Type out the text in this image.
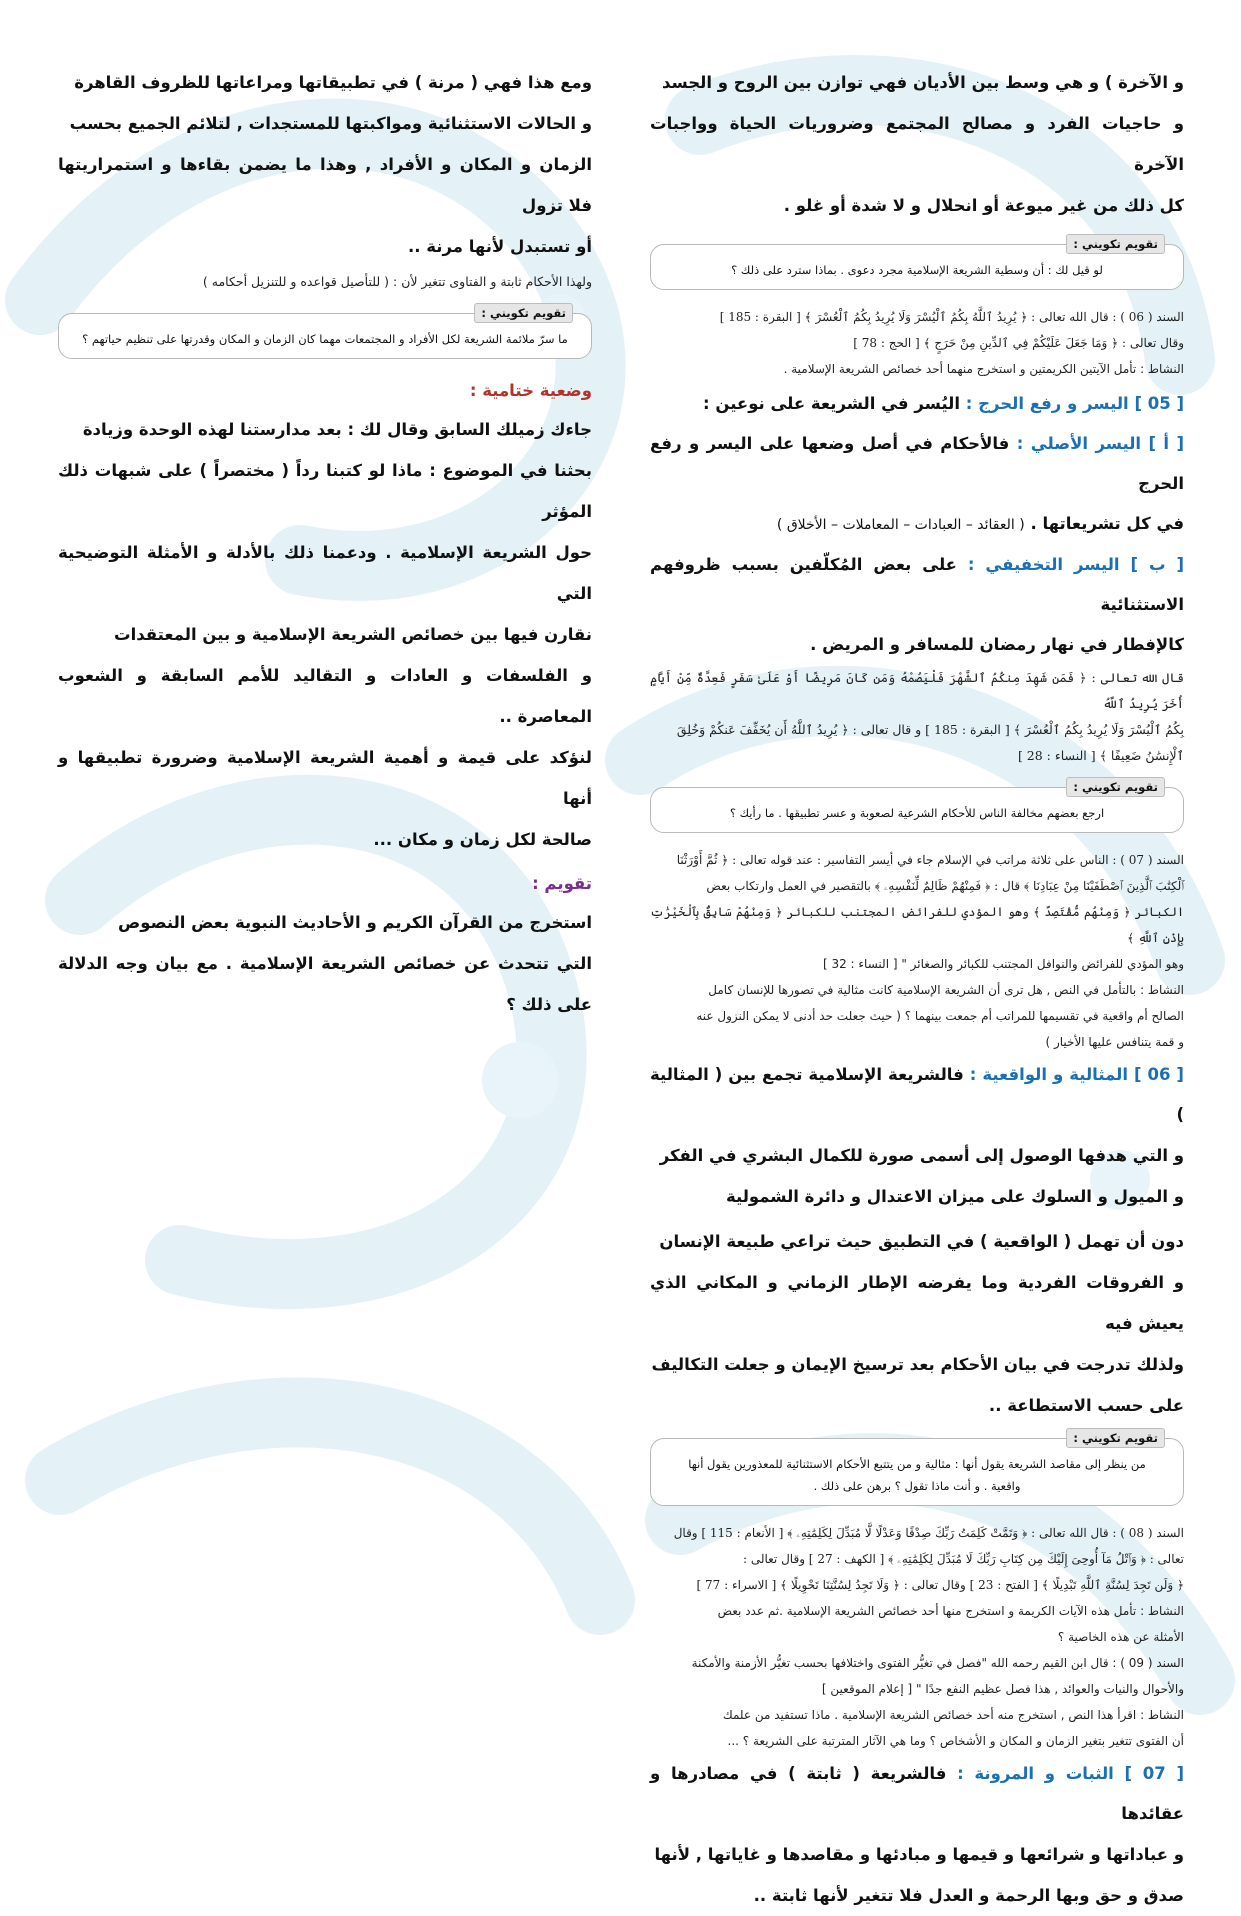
و الآخرة ) و هي وسط بين الأديان فهي توازن بين الروح و الجسد

و حاجيات الفرد و مصالح المجتمع وضروريات الحياة وواجبات الآخرة

كل ذلك من غير ميوعة أو انحلال و لا شدة أو غلو .

تقويم تكويني :

لو قيل لك : أن وسطية الشريعة الإسلامية مجرد دعوى . بماذا سترد على ذلك ؟

السند ( 06 ) : قال الله تعالى : ﴿ يُرِيدُ ٱللَّهُ بِكُمُ ٱلْيُسْرَ وَلَا يُرِيدُ بِكُمُ ٱلْعُسْرَ ﴾ [ البقرة : 185 ]

وقال تعالى : ﴿ وَمَا جَعَلَ عَلَيْكُمْ فِي ٱلدِّينِ مِنْ حَرَجٍ ﴾ [ الحج : 78 ]

النشاط : تأمل الآيتين الكريمتين و استخرج منهما أحد خصائص الشريعة الإسلامية .

[ 05 ] اليسر و رفع الحرج : اليُسر في الشريعة على نوعين :

[ أ ] اليسر الأصلي : فالأحكام في أصل وضعها على اليسر و رفع الحرج

في كل تشريعاتها . ( العقائد – العبادات – المعاملات – الأخلاق )

[ ب ] اليسر التخفيفي : على بعض المُكلّفين بسبب ظروفهم الاستثنائية

كالإفطار في نهار رمضان للمسافر و المريض .

قال الله تعالى : ﴿ فَمَن شَهِدَ مِنكُمُ ٱلشَّهْرَ فَلْيَصُمْهُ وَمَن كَانَ مَرِيضًا أَوْ عَلَىٰ سَفَرٍ فَعِدَّةٌ مِّنْ أَيَّامٍ أُخَرَ يُرِيدُ ٱللَّهُ

بِكُمُ ٱلْيُسْرَ وَلَا يُرِيدُ بِكُمُ ٱلْعُسْرَ ﴾ [ البقرة : 185 ] و قال تعالى : ﴿ يُرِيدُ ٱللَّهُ أَن يُخَفِّفَ عَنكُمْ وَخُلِقَ

ٱلْإِنسَٰنُ ضَعِيفًا ﴾ [ النساء : 28 ]

تقويم تكويني :

ارجع بعضهم مخالفة الناس للأحكام الشرعية لصعوبة و عسر تطبيقها . ما رأيك ؟

السند ( 07 ) : الناس على ثلاثة مراتب في الإسلام جاء في أيسر التفاسير : عند قوله تعالى : ﴿ ثُمَّ أَوْرَثْنَا

ٱلْكِتَٰبَ ٱلَّذِينَ ٱصْطَفَيْنَا مِنْ عِبَادِنَا ﴾ قال : ﴿ فَمِنْهُمْ ظَالِمٌ لِّنَفْسِهِۦ ﴾ بالتقصير في العمل وارتكاب بعض

الكبائر ﴿ وَمِنْهُم مُّقْتَصِدٌ ﴾ وهو المؤدي للفرائض المجتنب للكبائر ﴿ وَمِنْهُمْ سَابِقٌۢ بِٱلْخَيْرَٰتِ بِإِذْنِ ٱللَّهِ ﴾

وهو المؤدي للفرائض والنوافل المجتنب للكبائر والصغائر " [ النساء : 32 ]

النشاط : بالتأمل في النص , هل ترى أن الشريعة الإسلامية كانت مثالية في تصورها للإنسان كامل

الصالح أم واقعية في تقسيمها للمراتب أم جمعت بينهما ؟ ( حيث جعلت حد أدنى لا يمكن النزول عنه

و قمة يتنافس عليها الأخيار )

[ 06 ] المثالية و الواقعية : فالشريعة الإسلامية تجمع بين ( المثالية )

و التي هدفها الوصول إلى أسمى صورة للكمال البشري في الفكر

و الميول و السلوك على ميزان الاعتدال و دائرة الشمولية

دون أن تهمل ( الواقعية ) في التطبيق حيث تراعي طبيعة الإنسان

و الفروقات الفردية وما يفرضه الإطار الزماني و المكاني الذي يعيش فيه

ولذلك تدرجت في بيان الأحكام بعد ترسيخ الإيمان و جعلت التكاليف

على حسب الاستطاعة ..

تقويم تكويني :

من ينظر إلى مقاصد الشريعة يقول أنها : مثالية و من يتتبع الأحكام الاستثنائية للمعذورين يقول أنها

واقعية . و أنت ماذا تقول ؟ برهن على ذلك .

السند ( 08 ) : قال الله تعالى : ﴿ وَتَمَّتْ كَلِمَتُ رَبِّكَ صِدْقًا وَعَدْلًا لَّا مُبَدِّلَ لِكَلِمَٰتِهِۦ ﴾ [ الأنعام : 115 ] وقال

تعالى : ﴿ وَٱتْلُ مَآ أُوحِىَ إِلَيْكَ مِن كِتَابِ رَبِّكَ لَا مُبَدِّلَ لِكَلِمَٰتِهِۦ ﴾ [ الكهف : 27 ] وقال تعالى :

﴿ وَلَن تَجِدَ لِسُنَّةِ ٱللَّهِ تَبْدِيلًا ﴾ [ الفتح : 23 ] وقال تعالى : ﴿ وَلَا تَجِدُ لِسُنَّتِنَا تَحْوِيلًا ﴾ [ الاسراء : 77 ]

النشاط : تأمل هذه الآيات الكريمة و استخرج منها أحد خصائص الشريعة الإسلامية .ثم عدد بعض

الأمثلة عن هذه الخاصية ؟

السند ( 09 ) : قال ابن القيم رحمه الله "فصل في تغيُّر الفتوى واختلافها بحسب تغيُّر الأزمنة والأمكنة

والأحوال والنيات والعوائد , هذا فصل عظيم النفع جدًا " [ إعلام الموقعين ]

النشاط : اقرأ هذا النص , استخرج منه أحد خصائص الشريعة الإسلامية . ماذا تستفيد من علمك

أن الفتوى تتغير بتغير الزمان و المكان و الأشخاص ؟ وما هي الآثار المترتبة على الشريعة ؟ ...

[ 07 ] الثبات و المرونة : فالشريعة ( ثابتة ) في مصادرها و عقائدها

و عباداتها و شرائعها و قيمها و مبادئها و مقاصدها و غاياتها , لأنها

صدق و حق وبها الرحمة و العدل فلا تتغير لأنها ثابتة ..

ومع هذا فهي ( مرنة ) في تطبيقاتها ومراعاتها للظروف القاهرة

و الحالات الاستثنائية ومواكبتها للمستجدات , لتلائم الجميع بحسب

الزمان و المكان و الأفراد , وهذا ما يضمن بقاءها و استمراريتها فلا تزول

أو تستبدل لأنها مرنة ..

ولهذا الأحكام ثابتة و الفتاوى تتغير لأن : ( للتأصيل قواعده و للتنزيل أحكامه )

تقويم تكويني :

ما سرّ ملائمة الشريعة لكل الأفراد و المجتمعات مهما كان الزمان و المكان وقدرتها على تنظيم حياتهم ؟

وضعية ختامية :

جاءك زميلك السابق وقال لك : بعد مدارستنا لهذه الوحدة وزيادة

بحثنا في الموضوع : ماذا لو كتبنا رداً ( مختصراً ) على شبهات ذلك المؤثر

حول الشريعة الإسلامية . ودعمنا ذلك بالأدلة و الأمثلة التوضيحية التي

نقارن فيها بين خصائص الشريعة الإسلامية و بين المعتقدات

و الفلسفات و العادات و التقاليد للأمم السابقة و الشعوب المعاصرة ..

لنؤكد على قيمة و أهمية الشريعة الإسلامية وضرورة تطبيقها و أنها

صالحة لكل زمان و مكان ...

تقويم :

استخرج من القرآن الكريم و الأحاديث النبوية بعض النصوص

التي تتحدث عن خصائص الشريعة الإسلامية . مع بيان وجه الدلالة على ذلك ؟
